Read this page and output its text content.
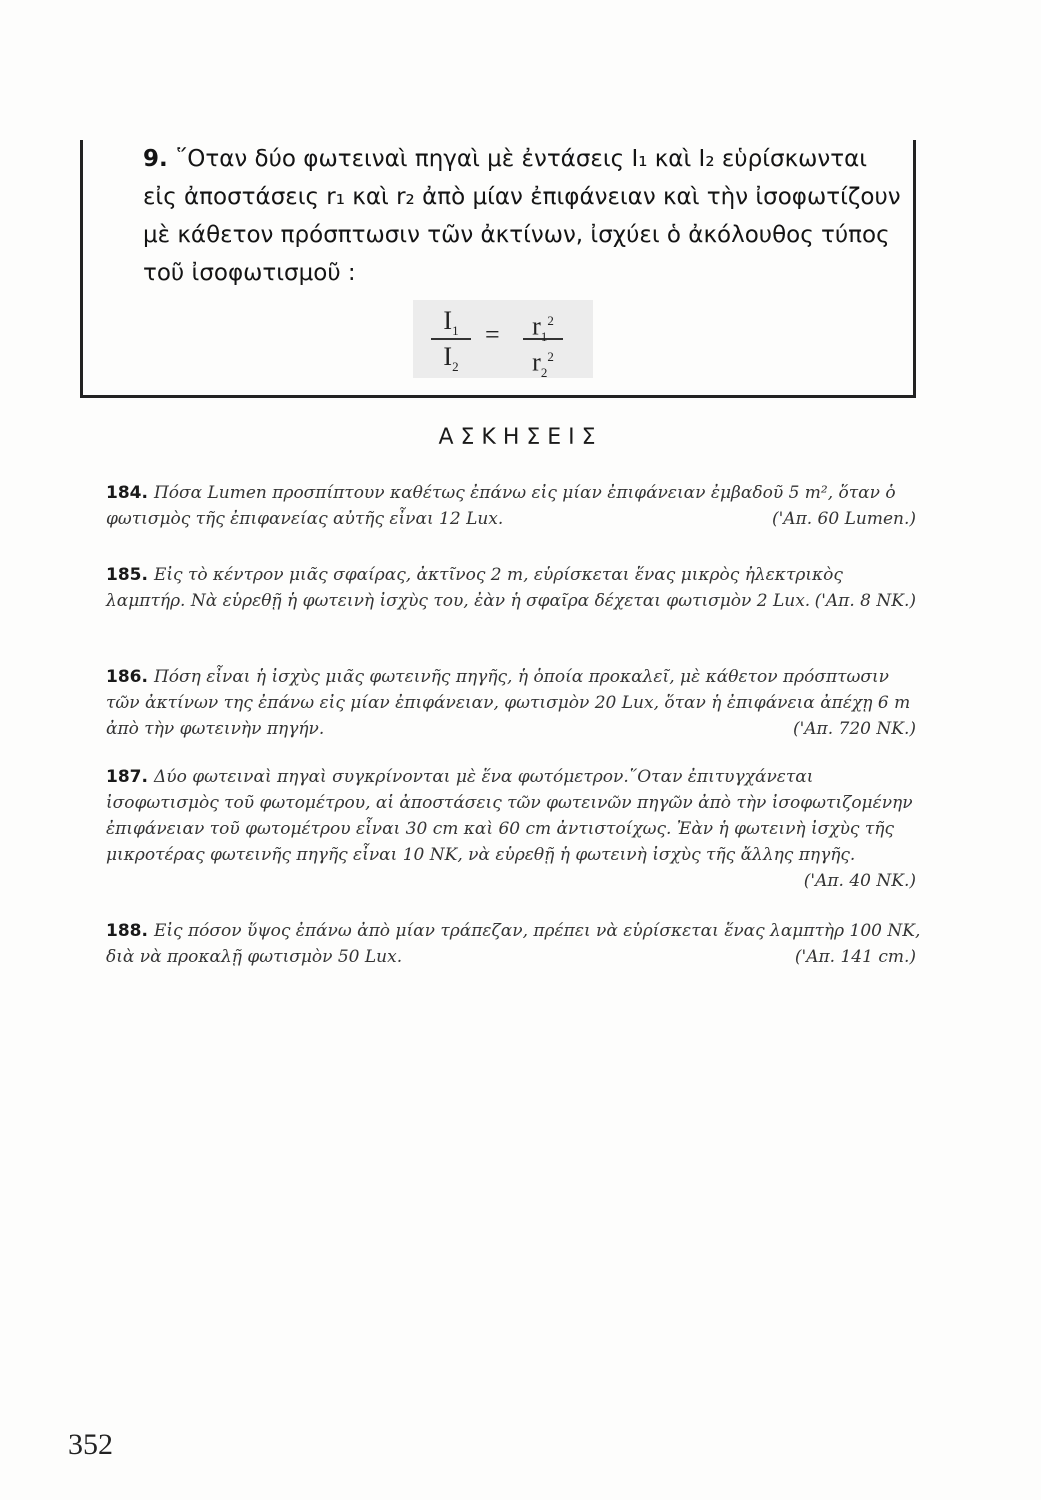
9. ῞Οταν δύο φωτειναὶ πηγαὶ μὲ ἐντάσεις I₁ καὶ I₂ εὑρίσκωνται εἰς ἀποστάσεις r₁ καὶ r₂ ἀπὸ μίαν ἐπιφάνειαν καὶ τὴν ἰσοφωτίζουν μὲ κάθετον πρόσπτωσιν τῶν ἀκτίνων, ἰσχύει ὁ ἀκόλουθος τύπος τοῦ ἰσοφωτισμοῦ :
$I_1$
$I_2$
=	$r_1^2$
$r_2^2$
ΑΣΚΗΣΕΙΣ
184. Πόσα Lumen προσπίπτουν καθέτως ἐπάνω εἰς μίαν ἐπιφάνειαν ἐμβαδοῦ 5 m², ὅταν ὁ φωτισμὸς τῆς ἐπιφανείας αὐτῆς εἶναι 12 Lux.	('Απ. 60 Lumen.)
185. Εἰς τὸ κέντρον μιᾶς σφαίρας, ἀκτῖνος 2 m, εὑρίσκεται ἕνας μικρὸς ἠλεκτρικὸς λαμπτήρ. Νὰ εὑρεθῇ ἡ φωτεινὴ ἰσχὺς του, ἐὰν ἡ σφαῖρα δέχεται φωτισμὸν 2 Lux. ('Απ. 8 ΝΚ.)
186. Πόση εἶναι ἡ ἰσχὺς μιᾶς φωτεινῆς πηγῆς, ἡ ὁποία προκαλεῖ, μὲ κάθετον πρόσπτωσιν τῶν ἀκτίνων της ἐπάνω εἰς μίαν ἐπιφάνειαν, φωτισμὸν 20 Lux, ὅταν ἡ ἐπιφάνεια ἀπέχῃ 6 m ἀπὸ τὴν φωτεινὴν πηγήν.	('Απ. 720 ΝΚ.)
187. Δύο φωτειναὶ πηγαὶ συγκρίνονται μὲ ἕνα φωτόμετρον.῞Οταν ἐπιτυγχάνεται ἰσοφωτισμὸς τοῦ φωτομέτρου, αἱ ἀποστάσεις τῶν φωτεινῶν πηγῶν ἀπὸ τὴν ἰσοφωτιζομένην ἐπιφάνειαν τοῦ φωτομέτρου εἶναι 30 cm καὶ 60 cm ἀντιστοίχως. Ἐὰν ἡ φωτεινὴ ἰσχὺς τῆς μικροτέρας φωτεινῆς πηγῆς εἶναι 10 ΝΚ, νὰ εὑρεθῇ ἡ φωτεινὴ ἰσχὺς τῆς ἄλλης πηγῆς.
('Απ. 40 ΝΚ.)
188. Εἰς πόσον ὕψος ἐπάνω ἀπὸ μίαν τράπεζαν, πρέπει νὰ εὑρίσκεται ἕνας λαμπτὴρ 100 ΝΚ, διὰ νὰ προκαλῇ φωτισμὸν 50 Lux.	('Απ. 141 cm.)
352
